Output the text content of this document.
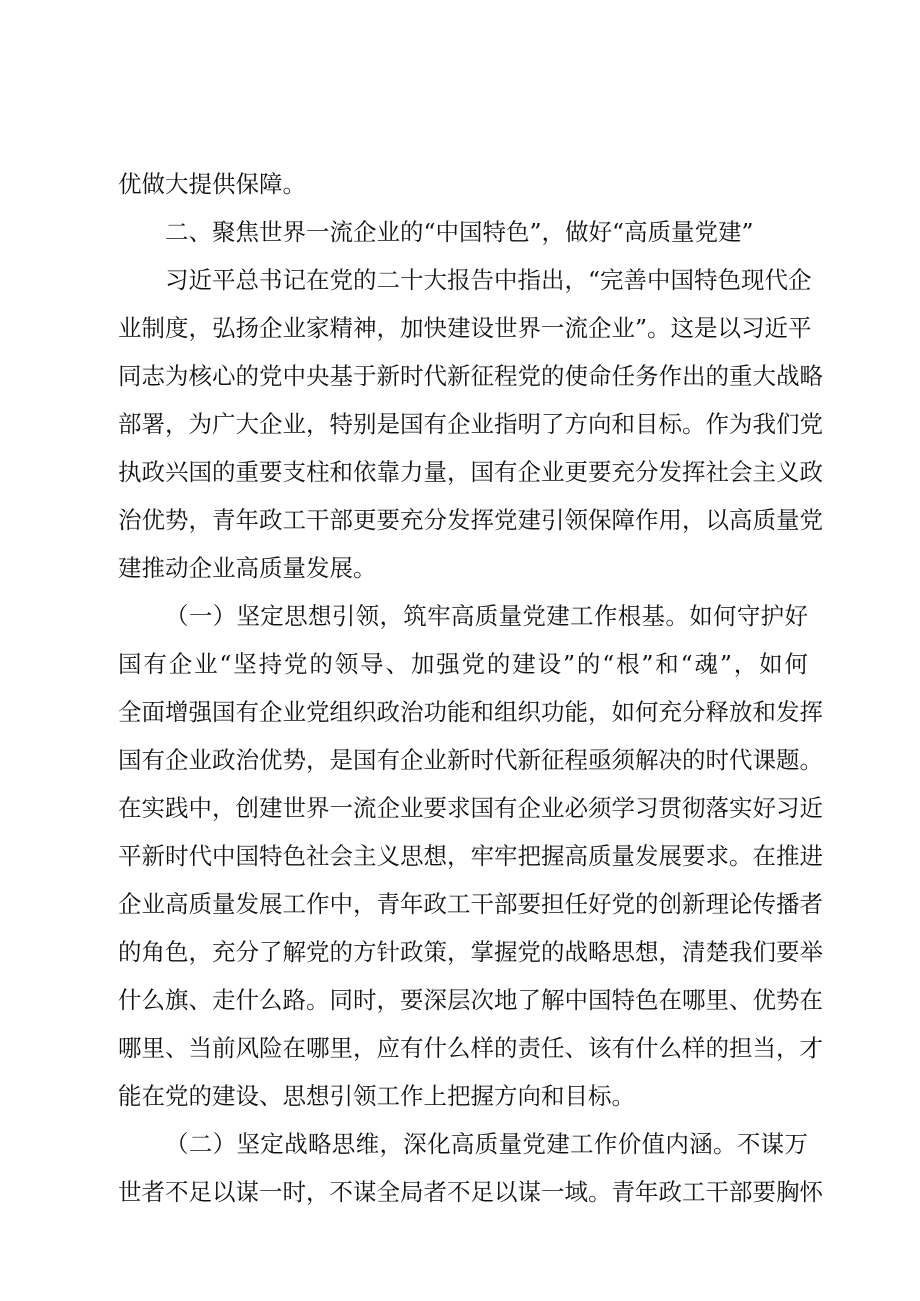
优做大提供保障。
二、聚焦世界一流企业的“中国特色”，做好“高质量党建”
习近平总书记在党的二十大报告中指出，“完善中国特色现代企
业制度，弘扬企业家精神，加快建设世界一流企业”。这是以习近平
同志为核心的党中央基于新时代新征程党的使命任务作出的重大战略
部署，为广大企业，特别是国有企业指明了方向和目标。作为我们党
执政兴国的重要支柱和依靠力量，国有企业更要充分发挥社会主义政
治优势，青年政工干部更要充分发挥党建引领保障作用，以高质量党
建推动企业高质量发展。
（一）坚定思想引领，筑牢高质量党建工作根基。如何守护好
国有企业“坚持党的领导、加强党的建设”的“根”和“魂”，如何
全面增强国有企业党组织政治功能和组织功能，如何充分释放和发挥
国有企业政治优势，是国有企业新时代新征程亟须解决的时代课题。
在实践中，创建世界一流企业要求国有企业必须学习贯彻落实好习近
平新时代中国特色社会主义思想，牢牢把握高质量发展要求。在推进
企业高质量发展工作中，青年政工干部要担任好党的创新理论传播者
的角色，充分了解党的方针政策，掌握党的战略思想，清楚我们要举
什么旗、走什么路。同时，要深层次地了解中国特色在哪里、优势在
哪里、当前风险在哪里，应有什么样的责任、该有什么样的担当，才
能在党的建设、思想引领工作上把握方向和目标。
（二）坚定战略思维，深化高质量党建工作价值内涵。不谋万
世者不足以谋一时，不谋全局者不足以谋一域。青年政工干部要胸怀
